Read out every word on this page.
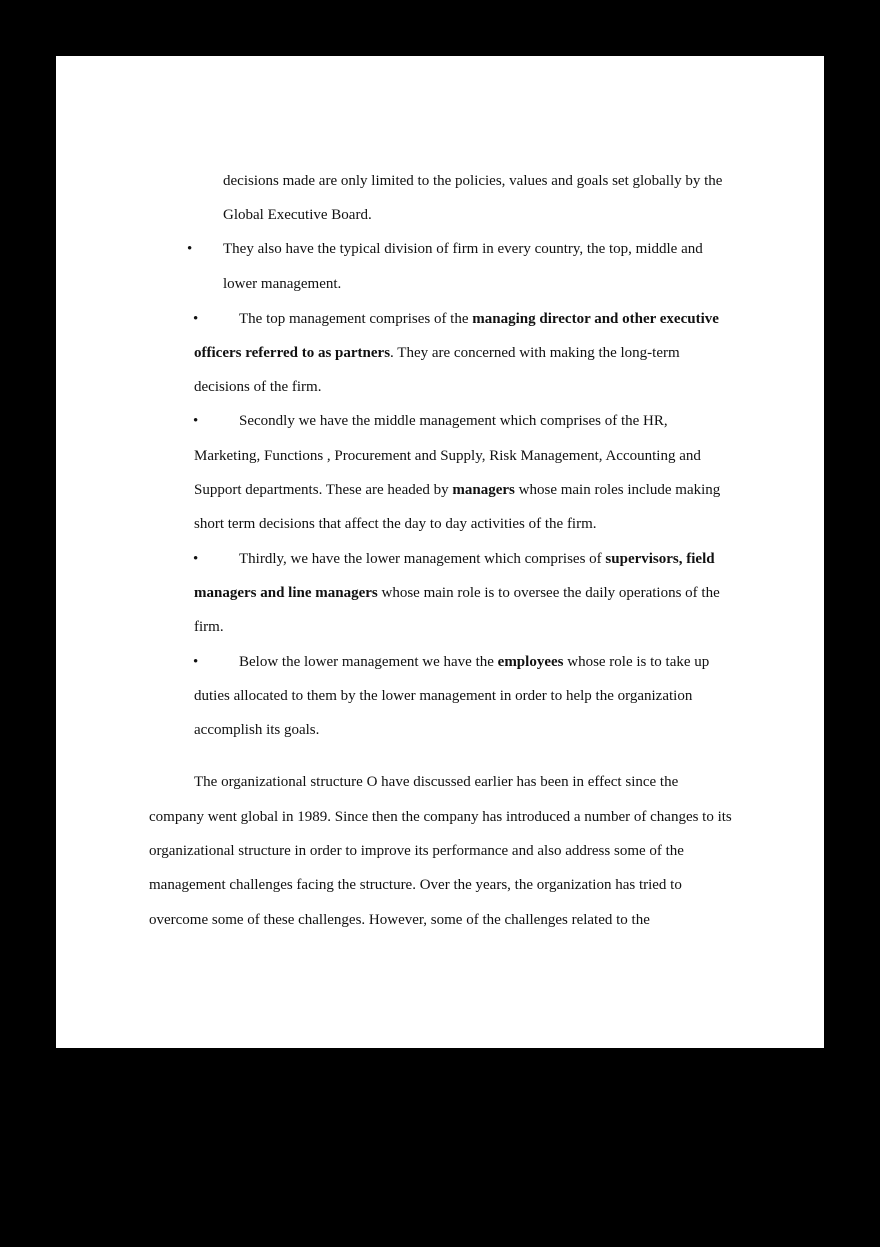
decisions made are only limited to the policies, values and goals set globally by the
Global Executive Board.
• They also have the typical division of firm in every country, the top, middle and
lower management.
•	The top management comprises of the managing director and other executive
officers referred to as partners. They are concerned with making the long-term
decisions of the firm.
•	Secondly we have the middle management which comprises of the HR,
Marketing, Functions , Procurement and Supply, Risk Management, Accounting and
Support departments. These are headed by managers whose main roles include making
short term decisions that affect the day to day activities of the firm.
•	Thirdly, we have the lower management which comprises of supervisors, field
managers and line managers whose main role is to oversee the daily operations of the
firm.
•	Below the lower management we have the employees whose role is to take up
duties allocated to them by the lower management in order to help the organization
accomplish its goals.
The organizational structure O have discussed earlier has been in effect since the
company went global in 1989. Since then the company has introduced a number of changes to its
organizational structure in order to improve its performance and also address some of the
management challenges facing the structure. Over the years, the organization has tried to
overcome some of these challenges. However, some of the challenges related to the
